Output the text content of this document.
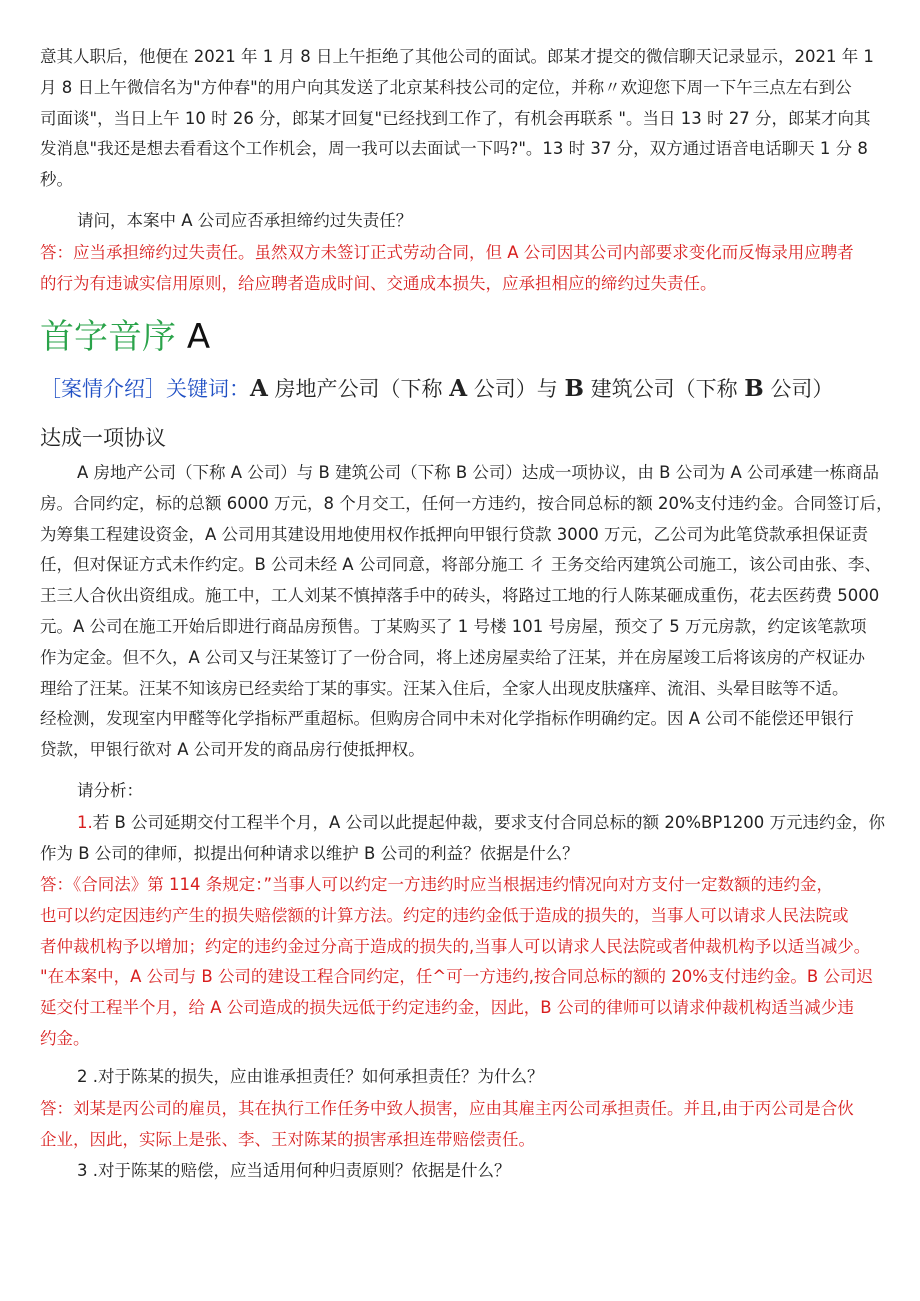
意其人职后，他便在 2021 年 1 月 8 日上午拒绝了其他公司的面试。郎某才提交的微信聊天记录显示，2021 年 1
月 8 日上午微信名为"方仲春"的用户向其发送了北京某科技公司的定位，并称〃欢迎您下周一下午三点左右到公
司面谈"，当日上午 10 时 26 分，郎某才回复"已经找到工作了，有机会再联系 "。当日 13 时 27 分，郎某才向其
发消息"我还是想去看看这个工作机会，周一我可以去面试一下吗?"。13 时 37 分，双方通过语音电话聊天 1 分 8
秒。
请问，本案中 A 公司应否承担缔约过失责任？
答：应当承担缔约过失责任。虽然双方未签订正式劳动合同，但 A 公司因其公司内部要求变化而反悔录用应聘者
的行为有违诚实信用原则，给应聘者造成时间、交通成本损失，应承担相应的缔约过失责任。
首字音序 A
［案情介绍］关键词：A 房地产公司（下称 A 公司）与 B 建筑公司（下称 B 公司）
达成一项协议
A 房地产公司（下称 A 公司）与 B 建筑公司（下称 B 公司）达成一项协议，由 B 公司为 A 公司承建一栋商品
房。合同约定，标的总额 6000 万元，8 个月交工，任何一方违约，按合同总标的额 20%支付违约金。合同签订后，
为筹集工程建设资金，A 公司用其建设用地使用权作抵押向甲银行贷款 3000 万元，乙公司为此笔贷款承担保证责
任，但对保证方式未作约定。B 公司未经 A 公司同意，将部分施工 彳 王务交给丙建筑公司施工，该公司由张、李、
王三人合伙出资组成。施工中，工人刘某不慎掉落手中的砖头，将路过工地的行人陈某砸成重伤，花去医药费 5000
元。A 公司在施工开始后即进行商品房预售。丁某购买了 1 号楼 101 号房屋，预交了 5 万元房款，约定该笔款项
作为定金。但不久，A 公司又与汪某签订了一份合同，将上述房屋卖给了汪某，并在房屋竣工后将该房的产权证办
理给了汪某。汪某不知该房已经卖给丁某的事实。汪某入住后，全家人出现皮肤瘙痒、流泪、头晕目眩等不适。
经检测，发现室内甲醛等化学指标严重超标。但购房合同中未对化学指标作明确约定。因 A 公司不能偿还甲银行
贷款，甲银行欲对 A 公司开发的商品房行使抵押权。
请分析：
1.若 B 公司延期交付工程半个月，A 公司以此提起仲裁，要求支付合同总标的额 20%BP1200 万元违约金，你
作为 B 公司的律师，拟提出何种请求以维护 B 公司的利益？依据是什么？
答：《合同法》第 114 条规定：”当事人可以约定一方违约时应当根据违约情况向对方支付一定数额的违约金，
也可以约定因违约产生的损失赔偿额的计算方法。约定的违约金低于造成的损失的，当事人可以请求人民法院或
者仲裁机构予以增加；约定的违约金过分高于造成的损失的,当事人可以请求人民法院或者仲裁机构予以适当减少。
"在本案中，A 公司与 B 公司的建设工程合同约定，任^可一方违约,按合同总标的额的 20%支付违约金。B 公司迟
延交付工程半个月，给 A 公司造成的损失远低于约定违约金，因此，B 公司的律师可以请求仲裁机构适当减少违
约金。
2 .对于陈某的损失，应由谁承担责任？如何承担责任？为什么？
答：刘某是丙公司的雇员，其在执行工作任务中致人损害，应由其雇主丙公司承担责任。并且,由于丙公司是合伙
企业，因此，实际上是张、李、王对陈某的损害承担连带赔偿责任。
3 .对于陈某的赔偿，应当适用何种归责原则？依据是什么？
